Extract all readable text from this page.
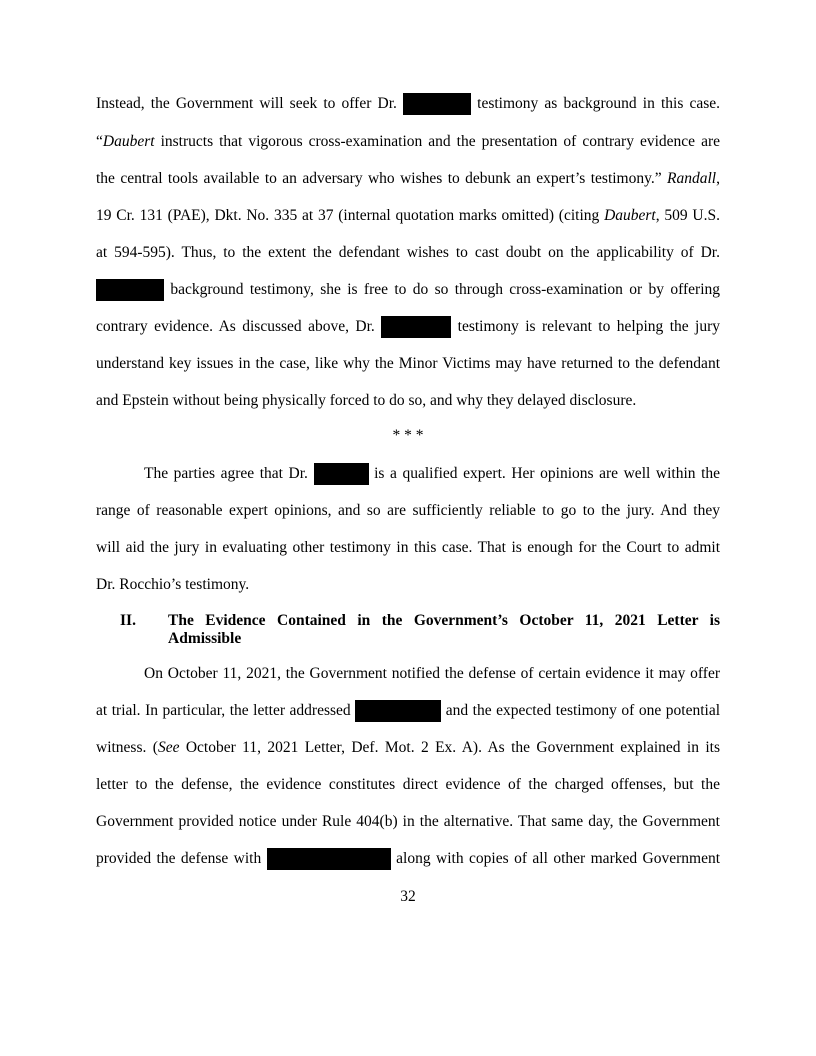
Instead, the Government will seek to offer Dr.	testimony as background in this case.
“Daubert instructs that vigorous cross-examination and the presentation of contrary evidence are
the central tools available to an adversary who wishes to debunk an expert’s testimony.” Randall,
19 Cr. 131 (PAE), Dkt. No. 335 at 37 (internal quotation marks omitted) (citing Daubert, 509 U.S.
at 594-595). Thus, to the extent the defendant wishes to cast doubt on the applicability of Dr.
background testimony, she is free to do so through cross-examination or by offering
contrary evidence. As discussed above, Dr.	testimony is relevant to helping the jury
understand key issues in the case, like why the Minor Victims may have returned to the defendant
and Epstein without being physically forced to do so, and why they delayed disclosure.
* * *
The parties agree that Dr.	is a qualified expert. Her opinions are well within the
range of reasonable expert opinions, and so are sufficiently reliable to go to the jury. And they
will aid the jury in evaluating other testimony in this case. That is enough for the Court to admit
Dr. Rocchio’s testimony.
II. The Evidence Contained in the Government’s October 11, 2021 Letter is
Admissible
On October 11, 2021, the Government notified the defense of certain evidence it may offer
at trial. In particular, the letter addressed	and the expected testimony of one potential
witness. (See October 11, 2021 Letter, Def. Mot. 2 Ex. A). As the Government explained in its
letter to the defense, the evidence constitutes direct evidence of the charged offenses, but the
Government provided notice under Rule 404(b) in the alternative. That same day, the Government
provided the defense with	along with copies of all other marked Government
32
